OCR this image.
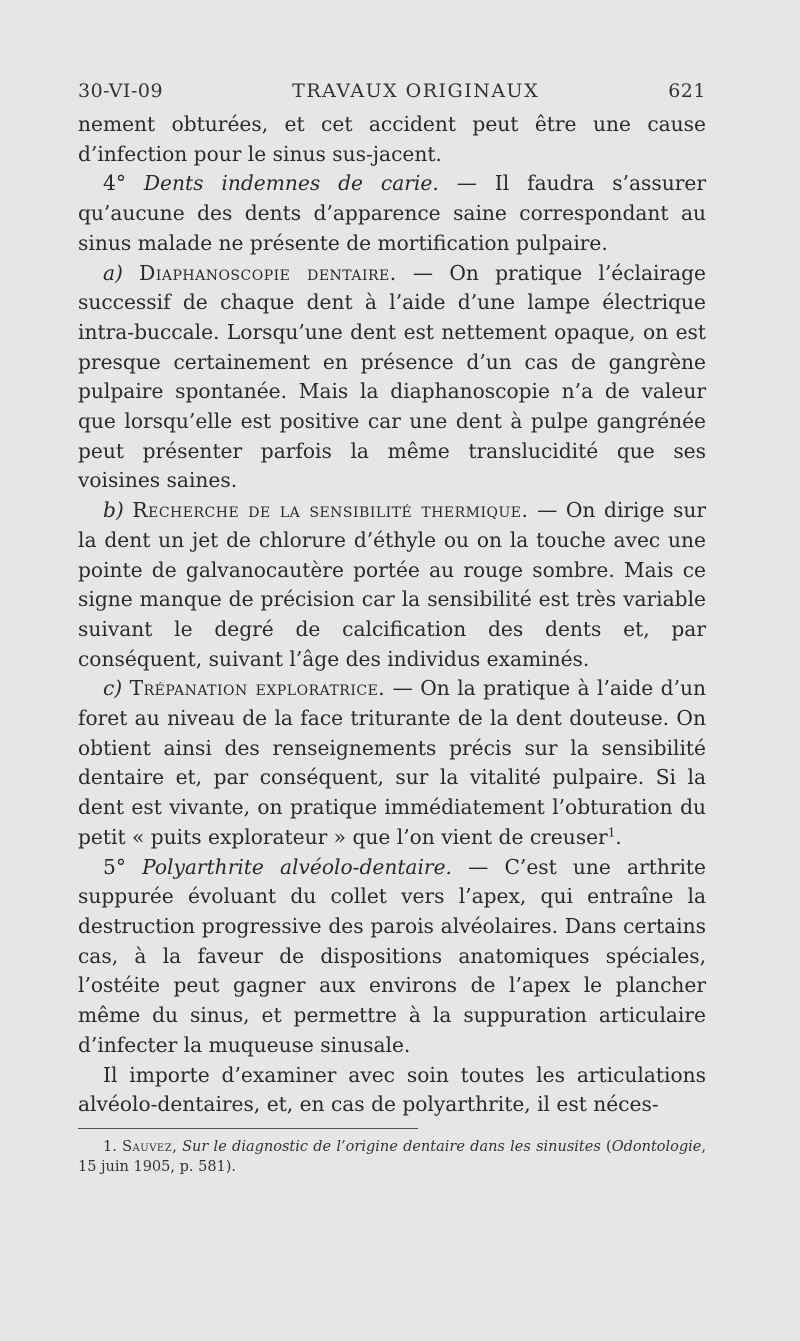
30-VI-09	TRAVAUX ORIGINAUX	621

nement obturées, et cet accident peut être une cause d’infection pour le sinus sus-jacent.

4° Dents indemnes de carie. — Il faudra s’assurer qu’aucune des dents d’apparence saine correspondant au sinus malade ne présente de mortification pulpaire.

a) Diaphanoscopie dentaire. — On pratique l’éclairage successif de chaque dent à l’aide d’une lampe électrique intra-buccale. Lorsqu’une dent est nettement opaque, on est presque certainement en présence d’un cas de gangrène pulpaire spontanée. Mais la diaphanoscopie n’a de valeur que lorsqu’elle est positive car une dent à pulpe gangrénée peut présenter parfois la même translucidité que ses voisines saines.

b) Recherche de la sensibilité thermique. — On dirige sur la dent un jet de chlorure d’éthyle ou on la touche avec une pointe de galvanocautère portée au rouge sombre. Mais ce signe manque de précision car la sensibilité est très variable suivant le degré de calcification des dents et, par conséquent, suivant l’âge des individus examinés.

c) Trépanation exploratrice. — On la pratique à l’aide d’un foret au niveau de la face triturante de la dent douteuse. On obtient ainsi des renseignements précis sur la sensibilité dentaire et, par conséquent, sur la vitalité pulpaire. Si la dent est vivante, on pratique immédiatement l’obturation du petit « puits explorateur » que l’on vient de creuser$^1$.

5° Polyarthrite alvéolo-dentaire. — C’est une arthrite suppurée évoluant du collet vers l’apex, qui entraîne la destruction progressive des parois alvéolaires. Dans certains cas, à la faveur de dispositions anatomiques spéciales, l’ostéite peut gagner aux environs de l’apex le plancher même du sinus, et permettre à la suppuration articulaire d’infecter la muqueuse sinusale.

Il importe d’examiner avec soin toutes les articulations alvéolo-dentaires, et, en cas de polyarthrite, il est néces-

1. Sauvez, Sur le diagnostic de l’origine dentaire dans les sinusites (Odontologie, 15 juin 1905, p. 581).
